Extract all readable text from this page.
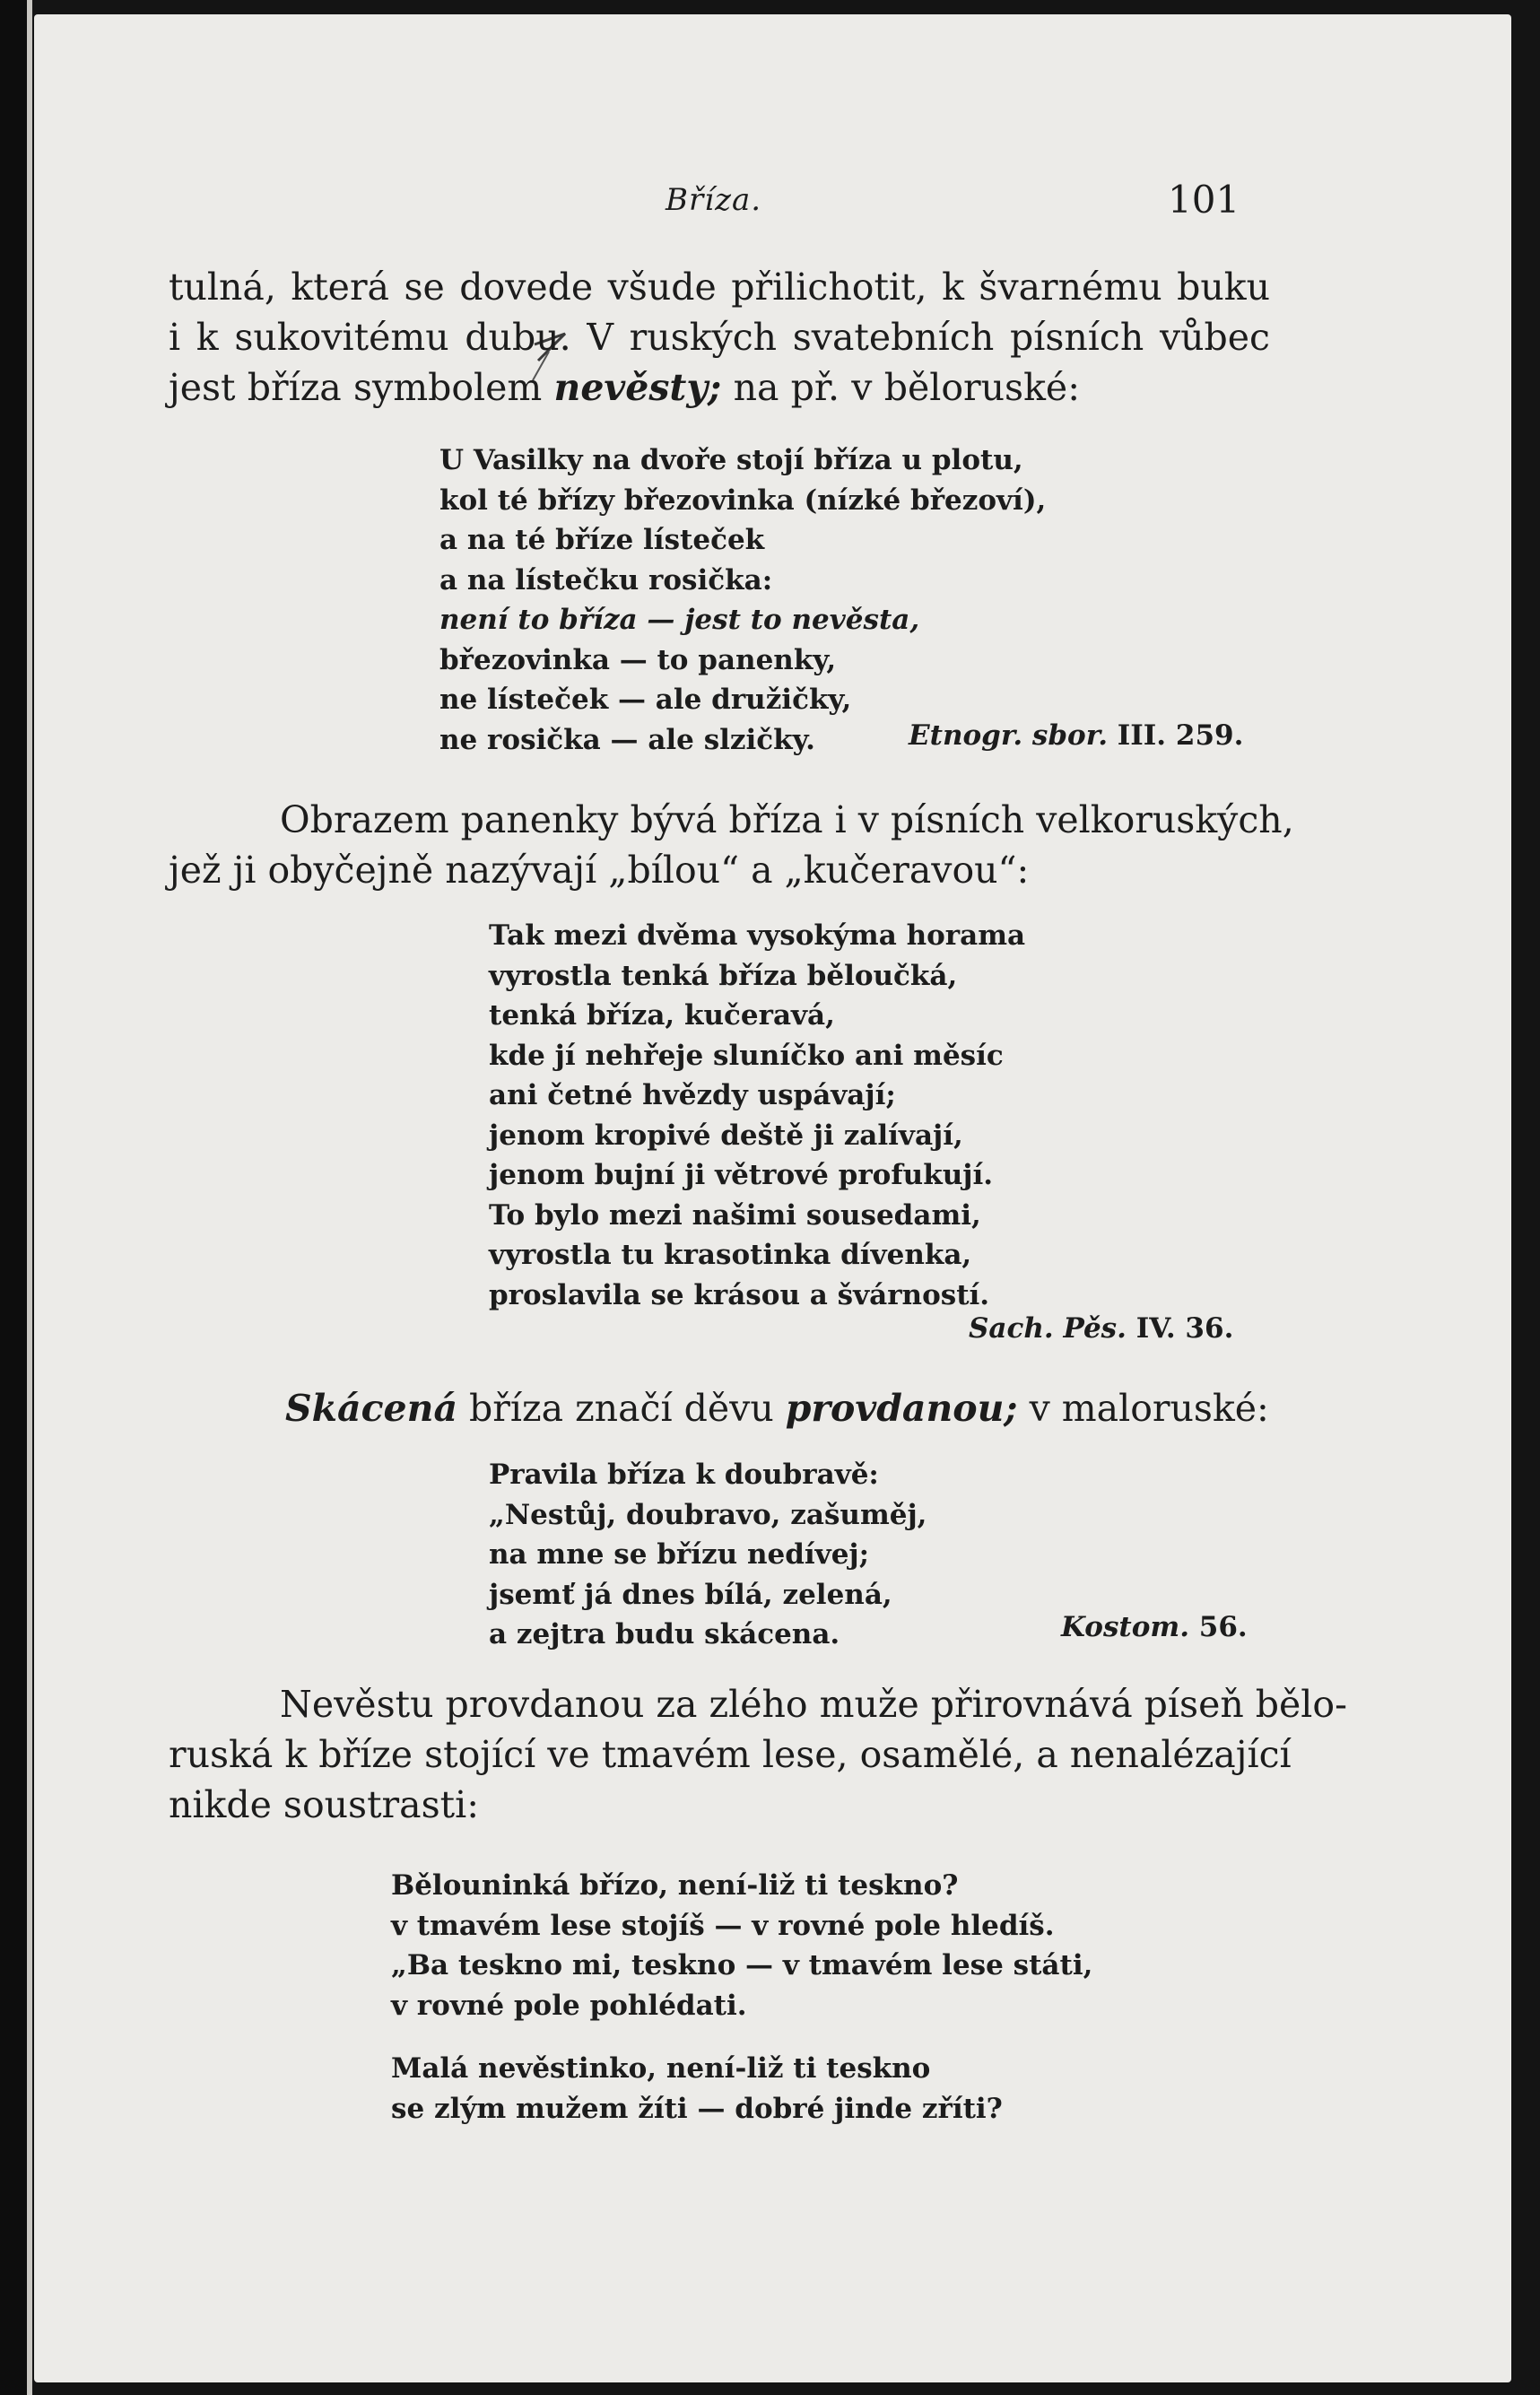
Bříza.	101
tulná, která se dovede všude přilichotit, k švarnému buku
i k sukovitému dubu. V ruských svatebních písních vůbec
jest bříza symbolem nevěsty; na př. v běloruské:
U Vasilky na dvoře stojí bříza u plotu,
kol té břízy březovinka (nízké březoví),
a na té bříze lísteček
a na lístečku rosička:
není to bříza — jest to nevěsta,
březovinka — to panenky,
ne lísteček — ale družičky,
ne rosička — ale slzičky.	Etnogr. sbor. III. 259.
Obrazem panenky bývá bříza i v písních velkoruských,
jež ji obyčejně nazývají „bílou“ a „kučeravou“:
Tak mezi dvěma vysokýma horama
vyrostla tenká bříza běloučká,
tenká bříza, kučeravá,
kde jí nehřeje sluníčko ani měsíc
ani četné hvězdy uspávají;
jenom kropivé deště ji zalívají,
jenom bujní ji větrové profukují.
To bylo mezi našimi sousedami,
vyrostla tu krasotinka dívenka,
proslavila se krásou a švárností.
Sach. Pěs. IV. 36.
Skácená bříza značí děvu provdanou; v maloruské:
Pravila bříza k doubravě:
„Nestůj, doubravo, zašuměj,
na mne se břízu nedívej;
jsemť já dnes bílá, zelená,
a zejtra budu skácena.	Kostom. 56.
Nevěstu provdanou za zlého muže přirovnává píseň bělo-
ruská k bříze stojící ve tmavém lese, osamělé, a nenalézající
nikde soustrasti:
Bělouninká břízo, není-liž ti teskno?
v tmavém lese stojíš — v rovné pole hledíš.
„Ba teskno mi, teskno — v tmavém lese státi,
v rovné pole pohlédati.
Malá nevěstinko, není-liž ti teskno
se zlým mužem žíti — dobré jinde zříti?
